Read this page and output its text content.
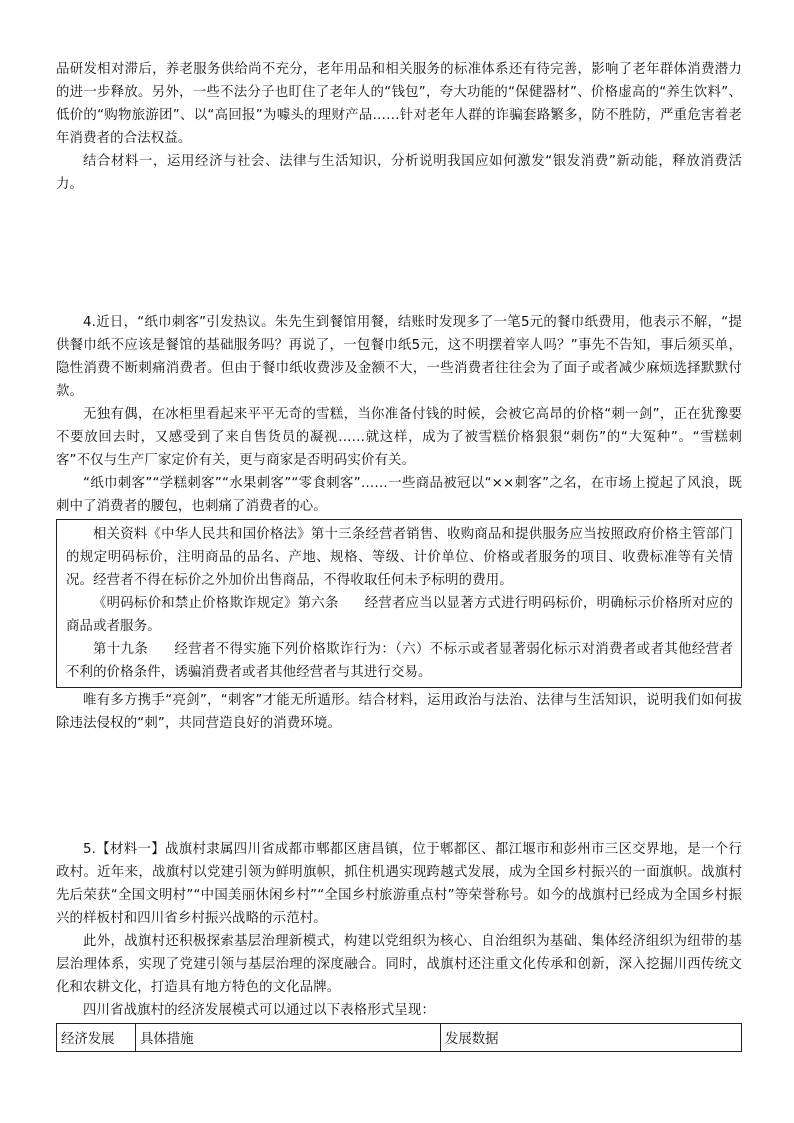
品研发相对滞后，养老服务供给尚不充分，老年用品和相关服务的标准体系还有待完善，影响了老年群体消费潜力的进一步释放。另外，一些不法分子也盯住了老年人的“钱包”，夸大功能的“保健器材”、价格虚高的“养生饮料”、低价的“购物旅游团”、以“高回报”为噱头的理财产品……针对老年人群的诈骗套路繁多，防不胜防，严重危害着老年消费者的合法权益。

结合材料一，运用经济与社会、法律与生活知识，分析说明我国应如何激发“银发消费”新动能，释放消费活力。

4.近日，“纸巾刺客”引发热议。朱先生到餐馆用餐，结账时发现多了一笔5元的餐巾纸费用，他表示不解，“提供餐巾纸不应该是餐馆的基础服务吗？再说了，一包餐巾纸5元，这不明摆着宰人吗？”事先不告知，事后须买单，隐性消费不断刺痛消费者。但由于餐巾纸收费涉及金额不大，一些消费者往往会为了面子或者减少麻烦选择默默付款。

无独有偶，在冰柜里看起来平平无奇的雪糕，当你准备付钱的时候，会被它高昂的价格“刺一剑”，正在犹豫要不要放回去时，又感受到了来自售货员的凝视……就这样，成为了被雪糕价格狠狠“刺伤”的“大冤种”。“雪糕刺客”不仅与生产厂家定价有关，更与商家是否明码实价有关。

“纸巾刺客”“学糕刺客”“水果刺客”“零食刺客”……一些商品被冠以“××刺客”之名，在市场上搅起了风浪，既刺中了消费者的腰包，也刺痛了消费者的心。

相关资料《中华人民共和国价格法》第十三条经营者销售、收购商品和提供服务应当按照政府价格主管部门的规定明码标价，注明商品的品名、产地、规格、等级、计价单位、价格或者服务的项目、收费标准等有关情况。经营者不得在标价之外加价出售商品，不得收取任何未予标明的费用。

《明码标价和禁止价格欺诈规定》第六条 经营者应当以显著方式进行明码标价，明确标示价格所对应的商品或者服务。

第十九条 经营者不得实施下列价格欺诈行为：（六）不标示或者显著弱化标示对消费者或者其他经营者不利的价格条件，诱骗消费者或者其他经营者与其进行交易。

唯有多方携手“亮剑”，“刺客”才能无所遁形。结合材料，运用政治与法治、法律与生活知识，说明我们如何拔除违法侵权的“刺”，共同营造良好的消费环境。

5.【材料一】战旗村隶属四川省成都市郫都区唐昌镇，位于郫都区、都江堰市和彭州市三区交界地，是一个行政村。近年来，战旗村以党建引领为鲜明旗帜，抓住机遇实现跨越式发展，成为全国乡村振兴的一面旗帜。战旗村先后荣获“全国文明村”“中国美丽休闲乡村”“全国乡村旅游重点村”等荣誉称号。如今的战旗村已经成为全国乡村振兴的样板村和四川省乡村振兴战略的示范村。

此外，战旗村还积极探索基层治理新模式，构建以党组织为核心、自治组织为基础、集体经济组织为纽带的基层治理体系，实现了党建引领与基层治理的深度融合。同时，战旗村还注重文化传承和创新，深入挖掘川西传统文化和农耕文化，打造具有地方特色的文化品牌。

四川省战旗村的经济发展模式可以通过以下表格形式呈现：

经济发展	具体措施	发展数据
